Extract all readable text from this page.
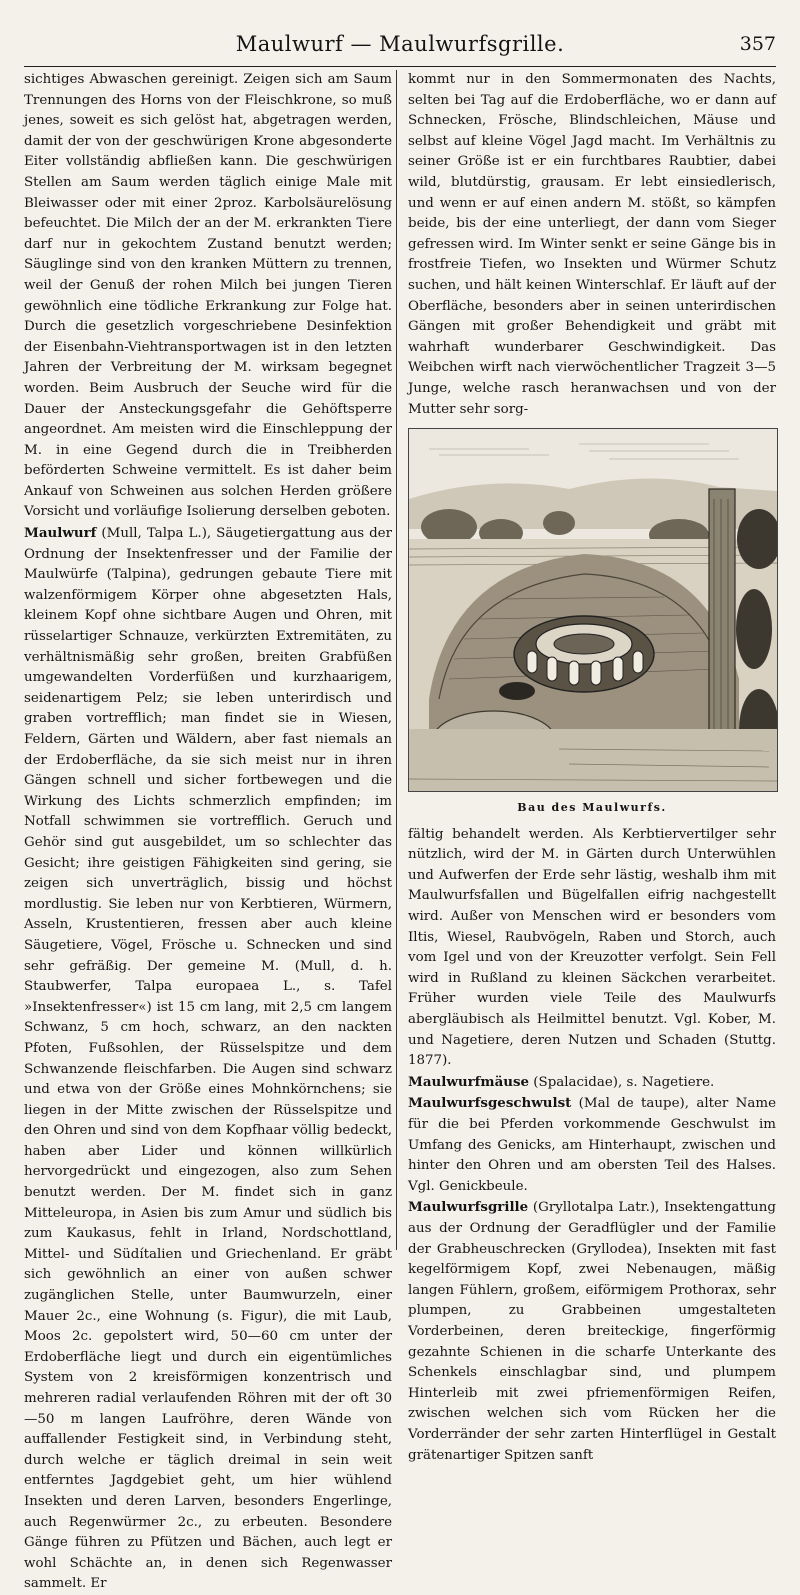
Maulwurf — Maulwurfsgrille.	357

sichtiges Abwaschen gereinigt. Zeigen sich am Saum Trennungen des Horns von der Fleischkrone, so muß jenes, soweit es sich gelöst hat, abgetragen werden, damit der von der geschwürigen Krone abgesonderte Eiter vollständig abfließen kann. Die geschwürigen Stellen am Saum werden täglich einige Male mit Bleiwasser oder mit einer 2proz. Karbolsäurelösung befeuchtet. Die Milch der an der M. erkrankten Tiere darf nur in gekochtem Zustand benutzt werden; Säuglinge sind von den kranken Müttern zu trennen, weil der Genuß der rohen Milch bei jungen Tieren gewöhnlich eine tödliche Erkrankung zur Folge hat. Durch die gesetzlich vorgeschriebene Desinfektion der Eisenbahn-Viehtransportwagen ist in den letzten Jahren der Verbreitung der M. wirksam begegnet worden. Beim Ausbruch der Seuche wird für die Dauer der Ansteckungsgefahr die Gehöftsperre angeordnet. Am meisten wird die Einschleppung der M. in eine Gegend durch die in Treibherden beförderten Schweine vermittelt. Es ist daher beim Ankauf von Schweinen aus solchen Herden größere Vorsicht und vorläufige Isolierung derselben geboten.

Maulwurf (Mull, Talpa L.), Säugetiergattung aus der Ordnung der Insektenfresser und der Familie der Maulwürfe (Talpina), gedrungen gebaute Tiere mit walzenförmigem Körper ohne abgesetzten Hals, kleinem Kopf ohne sichtbare Augen und Ohren, mit rüsselartiger Schnauze, verkürzten Extremitäten, zu verhältnismäßig sehr großen, breiten Grabfüßen umgewandelten Vorderfüßen und kurzhaarigem, seidenartigem Pelz; sie leben unterirdisch und graben vortrefflich; man findet sie in Wiesen, Feldern, Gärten und Wäldern, aber fast niemals an der Erdoberfläche, da sie sich meist nur in ihren Gängen schnell und sicher fortbewegen und die Wirkung des Lichts schmerzlich empfinden; im Notfall schwimmen sie vortrefflich. Geruch und Gehör sind gut ausgebildet, um so schlechter das Gesicht; ihre geistigen Fähigkeiten sind gering, sie zeigen sich unverträglich, bissig und höchst mordlustig. Sie leben nur von Kerbtieren, Würmern, Asseln, Krustentieren, fressen aber auch kleine Säugetiere, Vögel, Frösche u. Schnecken und sind sehr gefräßig. Der gemeine M. (Mull, d. h. Staubwerfer, Talpa europaea L., s. Tafel »Insektenfresser«) ist 15 cm lang, mit 2,5 cm langem Schwanz, 5 cm hoch, schwarz, an den nackten Pfoten, Fußsohlen, der Rüsselspitze und dem Schwanzende fleischfarben. Die Augen sind schwarz und etwa von der Größe eines Mohnkörnchens; sie liegen in der Mitte zwischen der Rüsselspitze und den Ohren und sind von dem Kopfhaar völlig bedeckt, haben aber Lider und können willkürlich hervorgedrückt und eingezogen, also zum Sehen benutzt werden. Der M. findet sich in ganz Mitteleuropa, in Asien bis zum Amur und südlich bis zum Kaukasus, fehlt in Irland, Nordschottland, Mittel- und Südítalien und Griechenland. Er gräbt sich gewöhnlich an einer von außen schwer zugänglichen Stelle, unter Baumwurzeln, einer Mauer 2c., eine Wohnung (s. Figur), die mit Laub, Moos 2c. gepolstert wird, 50—60 cm unter der Erdoberfläche liegt und durch ein eigentümliches System von 2 kreisförmigen konzentrisch und mehreren radial verlaufenden Röhren mit der oft 30—50 m langen Laufröhre, deren Wände von auffallender Festigkeit sind, in Verbindung steht, durch welche er täglich dreimal in sein weit entferntes Jagdgebiet geht, um hier wühlend Insekten und deren Larven, besonders Engerlinge, auch Regenwürmer 2c., zu erbeuten. Besondere Gänge führen zu Pfützen und Bächen, auch legt er wohl Schächte an, in denen sich Regenwasser sammelt. Er

kommt nur in den Sommermonaten des Nachts, selten bei Tag auf die Erdoberfläche, wo er dann auf Schnecken, Frösche, Blindschleichen, Mäuse und selbst auf kleine Vögel Jagd macht. Im Verhältnis zu seiner Größe ist er ein furchtbares Raubtier, dabei wild, blutdürstig, grausam. Er lebt einsiedlerisch, und wenn er auf einen andern M. stößt, so kämpfen beide, bis der eine unterliegt, der dann vom Sieger gefressen wird. Im Winter senkt er seine Gänge bis in frostfreie Tiefen, wo Insekten und Würmer Schutz suchen, und hält keinen Winterschlaf. Er läuft auf der Oberfläche, besonders aber in seinen unterirdischen Gängen mit großer Behendigkeit und gräbt mit wahrhaft wunderbarer Geschwindigkeit. Das Weibchen wirft nach vierwöchentlicher Tragzeit 3—5 Junge, welche rasch heranwachsen und von der Mutter sehr sorg-

Bau des Maulwurfs.

fältig behandelt werden. Als Kerbtiervertilger sehr nützlich, wird der M. in Gärten durch Unterwühlen und Aufwerfen der Erde sehr lästig, weshalb ihm mit Maulwurfsfallen und Bügelfallen eifrig nachgestellt wird. Außer von Menschen wird er besonders vom Iltis, Wiesel, Raubvögeln, Raben und Storch, auch vom Igel und von der Kreuzotter verfolgt. Sein Fell wird in Rußland zu kleinen Säckchen verarbeitet. Früher wurden viele Teile des Maulwurfs abergläubisch als Heilmittel benutzt. Vgl. Kober, M. und Nagetiere, deren Nutzen und Schaden (Stuttg. 1877).

Maulwurfmäuse (Spalacidae), s. Nagetiere.

Maulwurfsgeschwulst (Mal de taupe), alter Name für die bei Pferden vorkommende Geschwulst im Umfang des Genicks, am Hinterhaupt, zwischen und hinter den Ohren und am obersten Teil des Halses. Vgl. Genickbeule.

Maulwurfsgrille (Gryllotalpa Latr.), Insektengattung aus der Ordnung der Geradflügler und der Familie der Grabheuschrecken (Gryllodea), Insekten mit fast kegelförmigem Kopf, zwei Nebenaugen, mäßig langen Fühlern, großem, eiförmigem Prothorax, sehr plumpen, zu Grabbeinen umgestalteten Vorderbeinen, deren breiteckige, fingerförmig gezahnte Schienen in die scharfe Unterkante des Schenkels einschlagbar sind, und plumpem Hinterleib mit zwei pfriemenförmigen Reifen, zwischen welchen sich vom Rücken her die Vorderränder der sehr zarten Hinterflügel in Gestalt grätenartiger Spitzen sanft
